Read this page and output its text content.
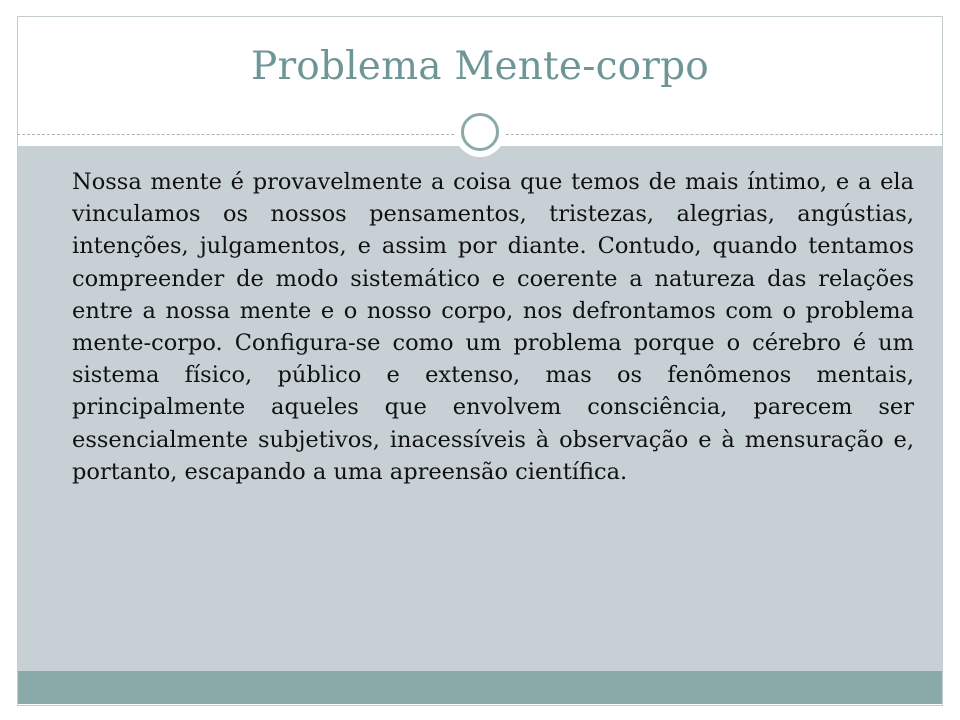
Problema Mente-corpo

Nossa mente é provavelmente a coisa que temos de mais íntimo, e a ela vinculamos os nossos pensamentos, tristezas, alegrias, angústias, intenções, julgamentos, e assim por diante. Contudo, quando tentamos compreender de modo sistemático e coerente a natureza das relações entre a nossa mente e o nosso corpo, nos defrontamos com o problema mente-corpo. Configura-se como um problema porque o cérebro é um sistema físico, público e extenso, mas os fenômenos mentais, principalmente aqueles que envolvem consciência, parecem ser essencialmente subjetivos, inacessíveis à observação e à mensuração e, portanto, escapando a uma apreensão científica.
